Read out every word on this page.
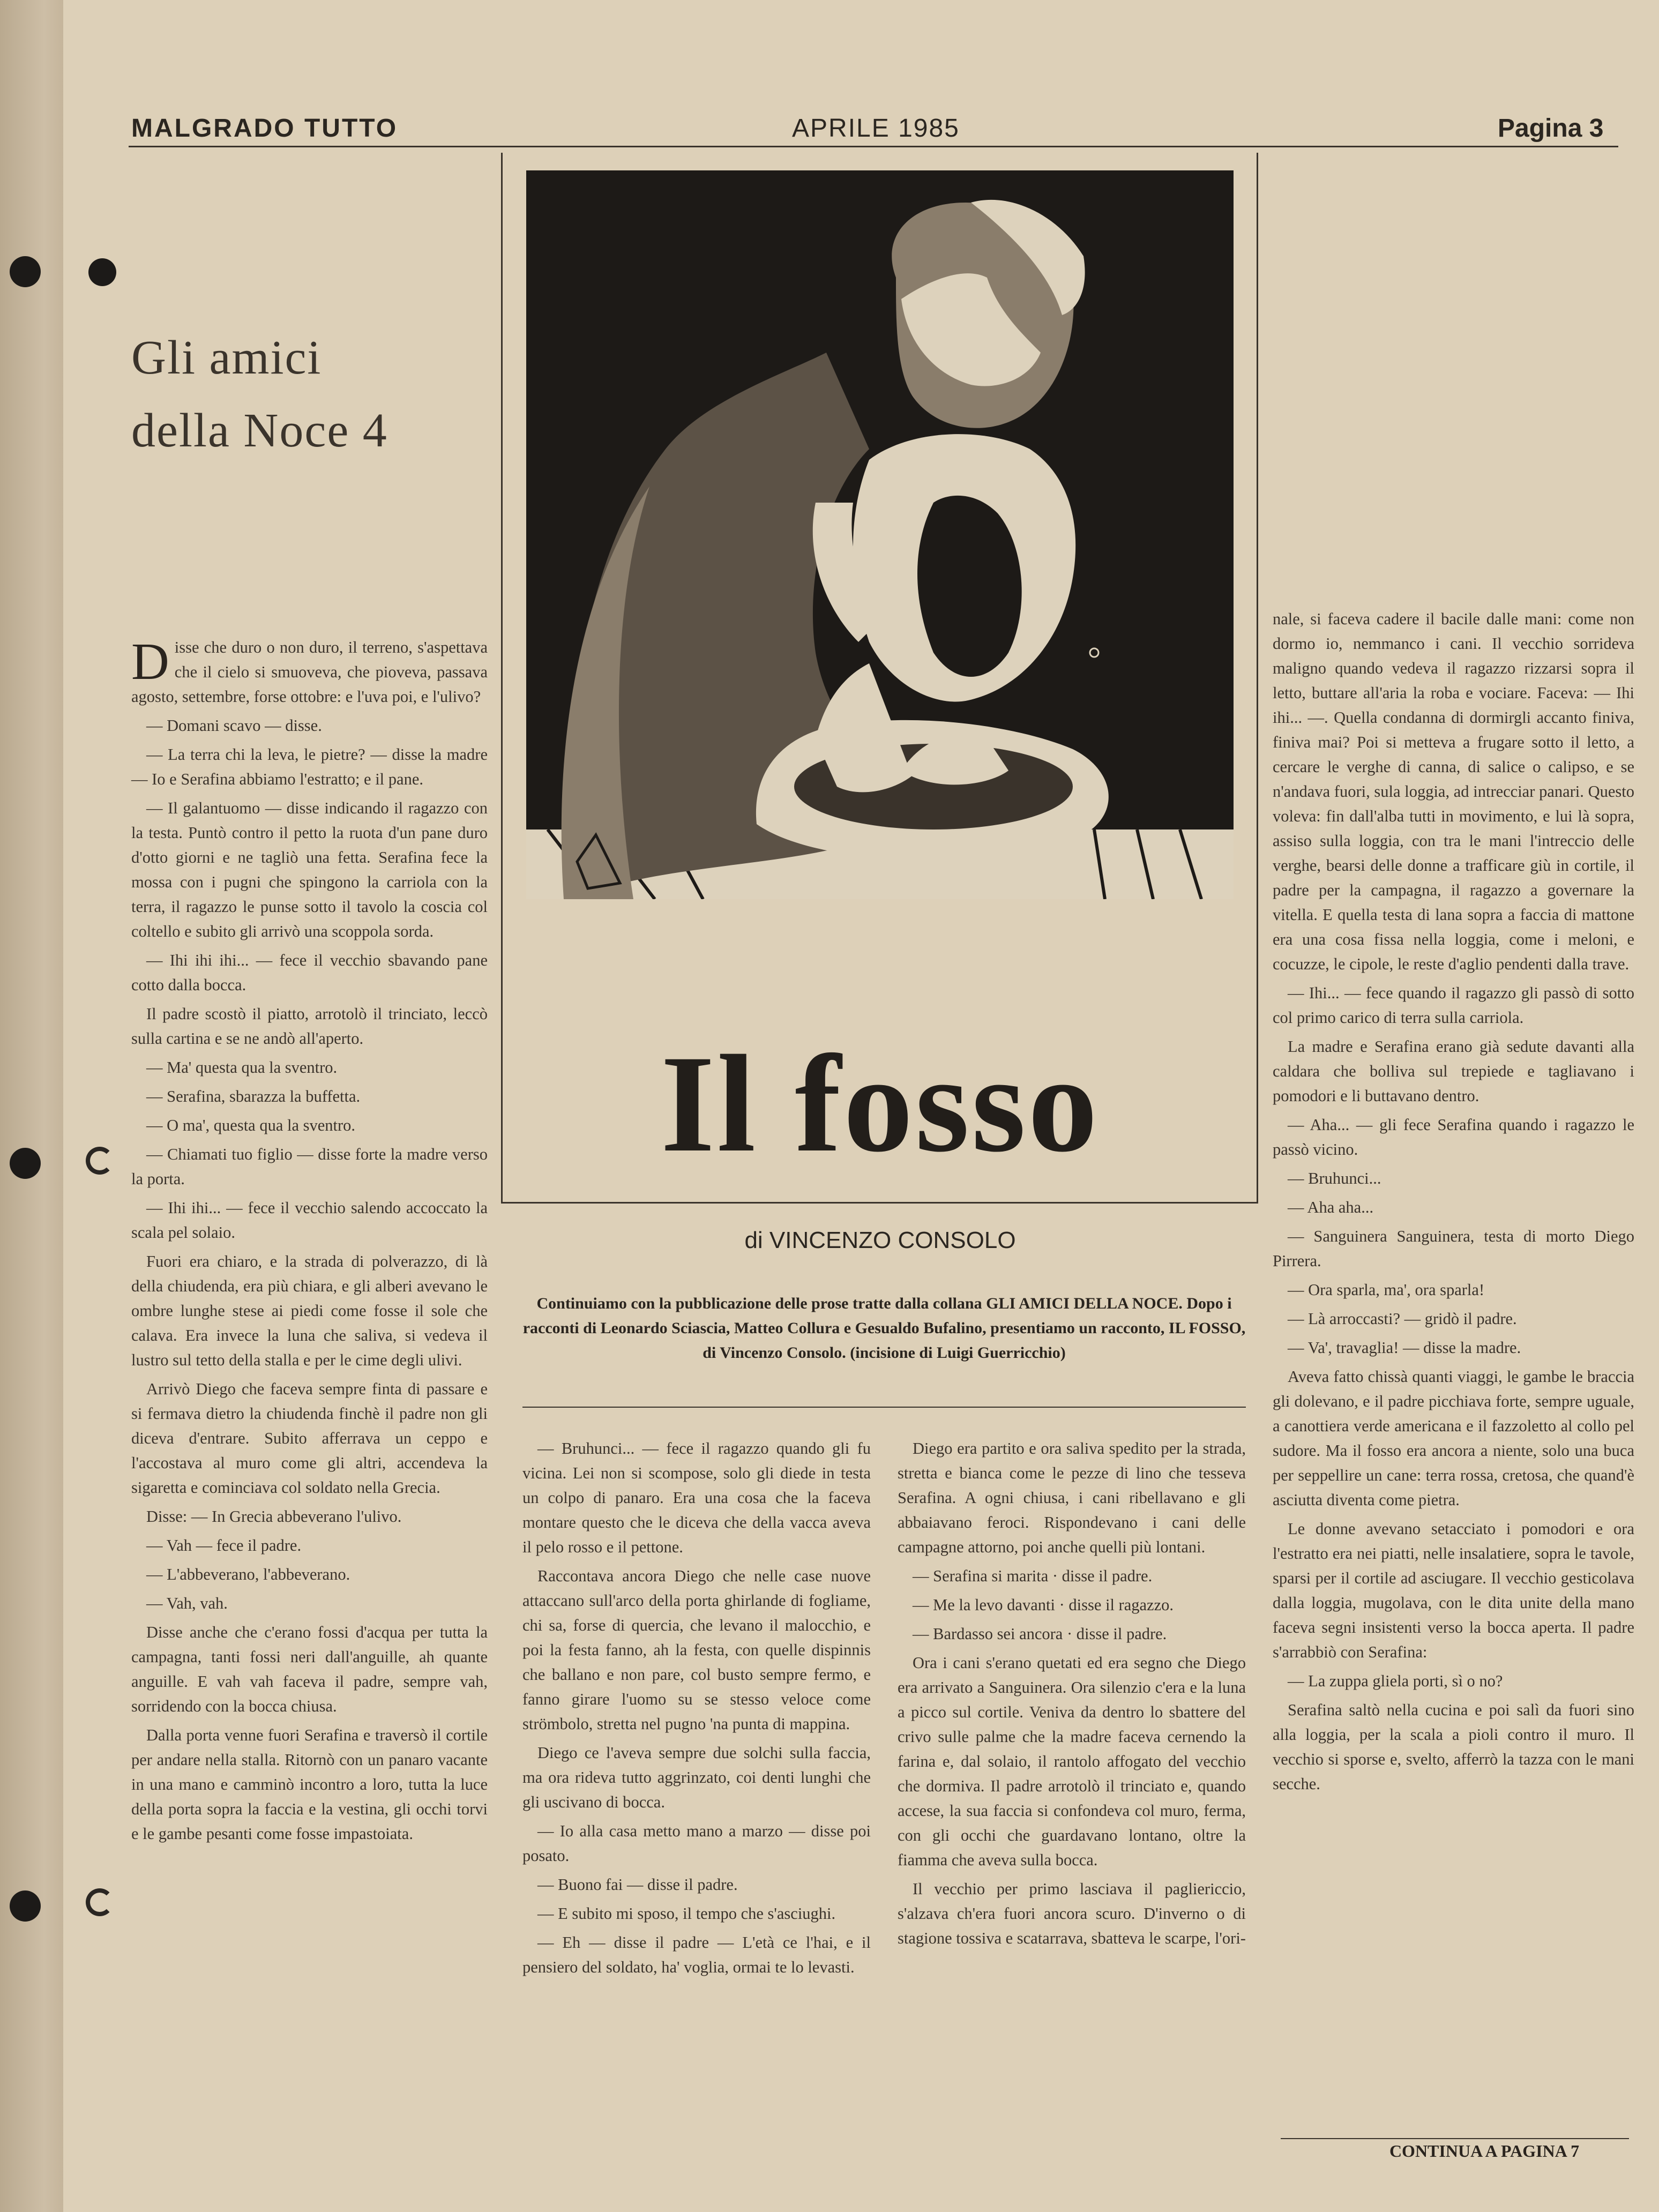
MALGRADO TUTTO	APRILE 1985	Pagina 3
Gli amici
della Noce 4
Il fosso
di VINCENZO CONSOLO
Continuiamo con la pubblicazione delle prose tratte dalla collana GLI AMICI DELLA NOCE. Dopo i racconti di Leonardo Sciascia, Matteo Collura e Gesualdo Bufalino, presentiamo un racconto, IL FOSSO, di Vincenzo Consolo. (incisione di Luigi Guerricchio)

Disse che duro o non duro, il terreno, s'aspettava che il cielo si smuoveva, che pioveva, passava agosto, settembre, forse ottobre: e l'uva poi, e l'ulivo?

— Domani scavo — disse.

— La terra chi la leva, le pietre? — disse la madre — Io e Serafina abbiamo l'estratto; e il pane.

— Il galantuomo — disse indicando il ragazzo con la testa. Puntò contro il petto la ruota d'un pane duro d'otto giorni e ne tagliò una fetta. Serafina fece la mossa con i pugni che spingono la carriola con la terra, il ragazzo le punse sotto il tavolo la coscia col coltello e subito gli arrivò una scoppola sorda.

— Ihi ihi ihi... — fece il vecchio sbavando pane cotto dalla bocca.

Il padre scostò il piatto, arrotolò il trinciato, leccò sulla cartina e se ne andò all'aperto.

— Ma' questa qua la sventro.

— Serafina, sbarazza la buffetta.

— O ma', questa qua la sventro.

— Chiamati tuo figlio — disse forte la madre verso la porta.

— Ihi ihi... — fece il vecchio salendo accoccato la scala pel solaio.

Fuori era chiaro, e la strada di polverazzo, di là della chiudenda, era più chiara, e gli alberi avevano le ombre lunghe stese ai piedi come fosse il sole che calava. Era invece la luna che saliva, si vedeva il lustro sul tetto della stalla e per le cime degli ulivi.

Arrivò Diego che faceva sempre finta di passare e si fermava dietro la chiudenda finchè il padre non gli diceva d'entrare. Subito afferrava un ceppo e l'accostava al muro come gli altri, accendeva la sigaretta e cominciava col soldato nella Grecia.

Disse: — In Grecia abbeverano l'ulivo.

— Vah — fece il padre.

— L'abbeverano, l'abbeverano.

— Vah, vah.

Disse anche che c'erano fossi d'acqua per tutta la campagna, tanti fossi neri dall'anguille, ah quante anguille. E vah vah faceva il padre, sempre vah, sorridendo con la bocca chiusa.

Dalla porta venne fuori Serafina e traversò il cortile per andare nella stalla. Ritornò con un panaro vacante in una mano e camminò incontro a loro, tutta la luce della porta sopra la faccia e la vestina, gli occhi torvi e le gambe pesanti come fosse impastoiata.

— Bruhunci... — fece il ragazzo quando gli fu vicina. Lei non si scompose, solo gli diede in testa un colpo di panaro. Era una cosa che la faceva montare questo che le diceva che della vacca aveva il pelo rosso e il pettone.

Raccontava ancora Diego che nelle case nuove attaccano sull'arco della porta ghirlande di fogliame, chi sa, forse di quercia, che levano il malocchio, e poi la festa fanno, ah la festa, con quelle dispinnis che ballano e non pare, col busto sempre fermo, e fanno girare l'uomo su se stesso veloce come strömbolo, stretta nel pugno 'na punta di mappina.

Diego ce l'aveva sempre due solchi sulla faccia, ma ora rideva tutto aggrinzato, coi denti lunghi che gli uscivano di bocca.

— Io alla casa metto mano a marzo — disse poi posato.

— Buono fai — disse il padre.

— E subito mi sposo, il tempo che s'asciughi.

— Eh — disse il padre — L'età ce l'hai, e il pensiero del soldato, ha' voglia, ormai te lo levasti.

Diego era partito e ora saliva spedito per la strada, stretta e bianca come le pezze di lino che tesseva Serafina. A ogni chiusa, i cani ribellavano e gli abbaiavano feroci. Rispondevano i cani delle campagne attorno, poi anche quelli più lontani.

— Serafina si marita · disse il padre.

— Me la levo davanti · disse il ragazzo.

— Bardasso sei ancora · disse il padre.

Ora i cani s'erano quetati ed era segno che Diego era arrivato a Sanguinera. Ora silenzio c'era e la luna a picco sul cortile. Veniva da dentro lo sbattere del crivo sulle palme che la madre faceva cernendo la farina e, dal solaio, il rantolo affogato del vecchio che dormiva. Il padre arrotolò il trinciato e, quando accese, la sua faccia si confondeva col muro, ferma, con gli occhi che guardavano lontano, oltre la fiamma che aveva sulla bocca.

Il vecchio per primo lasciava il pagliericcio, s'alzava ch'era fuori ancora scuro. D'inverno o di stagione tossiva e scatarrava, sbatteva le scarpe, l'ori-

nale, si faceva cadere il bacile dalle mani: come non dormo io, nemmanco i cani. Il vecchio sorrideva maligno quando vedeva il ragazzo rizzarsi sopra il letto, buttare all'aria la roba e vociare. Faceva: — Ihi ihi... —. Quella condanna di dormirgli accanto finiva, finiva mai? Poi si metteva a frugare sotto il letto, a cercare le verghe di canna, di salice o calipso, e se n'andava fuori, sula loggia, ad intrecciar panari. Questo voleva: fin dall'alba tutti in movimento, e lui là sopra, assiso sulla loggia, con tra le mani l'intreccio delle verghe, bearsi delle donne a trafficare giù in cortile, il padre per la campagna, il ragazzo a governare la vitella. E quella testa di lana sopra a faccia di mattone era una cosa fissa nella loggia, come i meloni, e cocuzze, le cipole, le reste d'aglio pendenti dalla trave.

— Ihi... — fece quando il ragazzo gli passò di sotto col primo carico di terra sulla carriola.

La madre e Serafina erano già sedute davanti alla caldara che bolliva sul trepiede e tagliavano i pomodori e li buttavano dentro.

— Aha... — gli fece Serafina quando i ragazzo le passò vicino.

— Bruhunci...

— Aha aha...

— Sanguinera Sanguinera, testa di morto Diego Pirrera.

— Ora sparla, ma', ora sparla!

— Là arroccasti? — gridò il padre.

— Va', travaglia! — disse la madre.

Aveva fatto chissà quanti viaggi, le gambe le braccia gli dolevano, e il padre picchiava forte, sempre uguale, a canottiera verde americana e il fazzoletto al collo pel sudore. Ma il fosso era ancora a niente, solo una buca per seppellire un cane: terra rossa, cretosa, che quand'è asciutta diventa come pietra.

Le donne avevano setacciato i pomodori e ora l'estratto era nei piatti, nelle insalatiere, sopra le tavole, sparsi per il cortile ad asciugare. Il vecchio gesticolava dalla loggia, mugolava, con le dita unite della mano faceva segni insistenti verso la bocca aperta. Il padre s'arrabbiò con Serafina:

— La zuppa gliela porti, sì o no?

Serafina saltò nella cucina e poi salì da fuori sino alla loggia, per la scala a pioli contro il muro. Il vecchio si sporse e, svelto, afferrò la tazza con le mani secche.

CONTINUA A PAGINA 7
